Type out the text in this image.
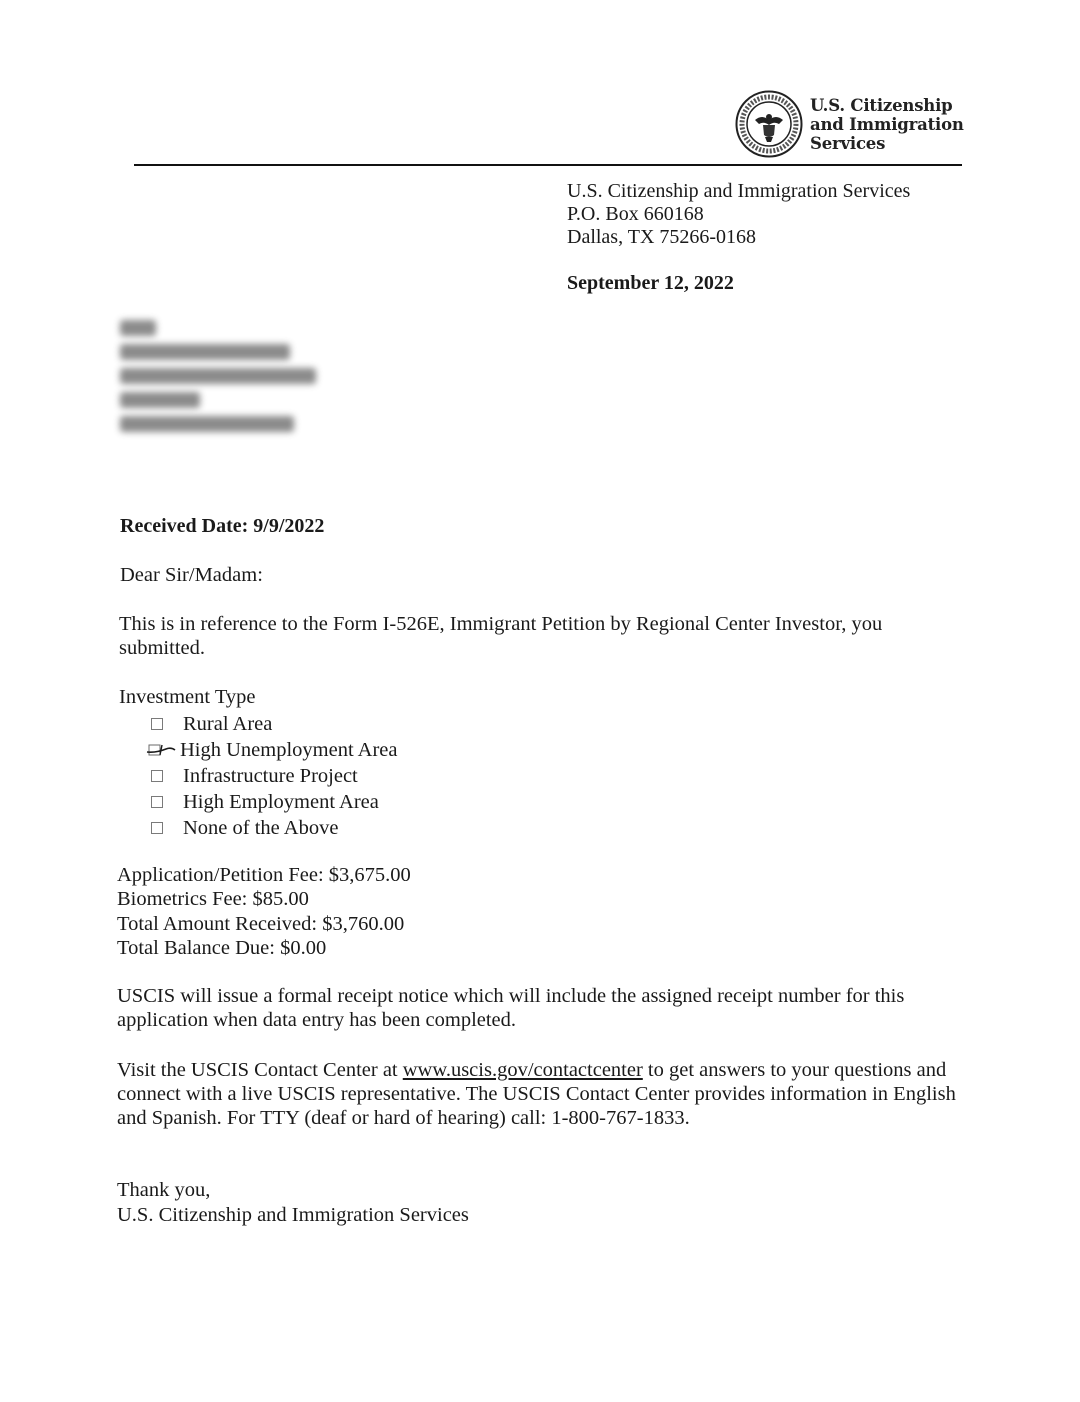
U.S. Citizenship
and Immigration
Services
U.S. Citizenship and Immigration Services
P.O. Box 660168
Dallas, TX 75266-0168
September 12, 2022
Received Date: 9/9/2022
Dear Sir/Madam:
This is in reference to the Form I-526E, Immigrant Petition by Regional Center Investor, you submitted.
Investment Type
Rural Area
High Unemployment Area
Infrastructure Project
High Employment Area
None of the Above
Application/Petition Fee: $3,675.00
Biometrics Fee: $85.00
Total Amount Received: $3,760.00
Total Balance Due: $0.00
USCIS will issue a formal receipt notice which will include the assigned receipt number for this application when data entry has been completed.
Visit the USCIS Contact Center at www.uscis.gov/contactcenter to get answers to your questions and connect with a live USCIS representative. The USCIS Contact Center provides information in English and Spanish. For TTY (deaf or hard of hearing) call: 1-800-767-1833.
Thank you,
U.S. Citizenship and Immigration Services
